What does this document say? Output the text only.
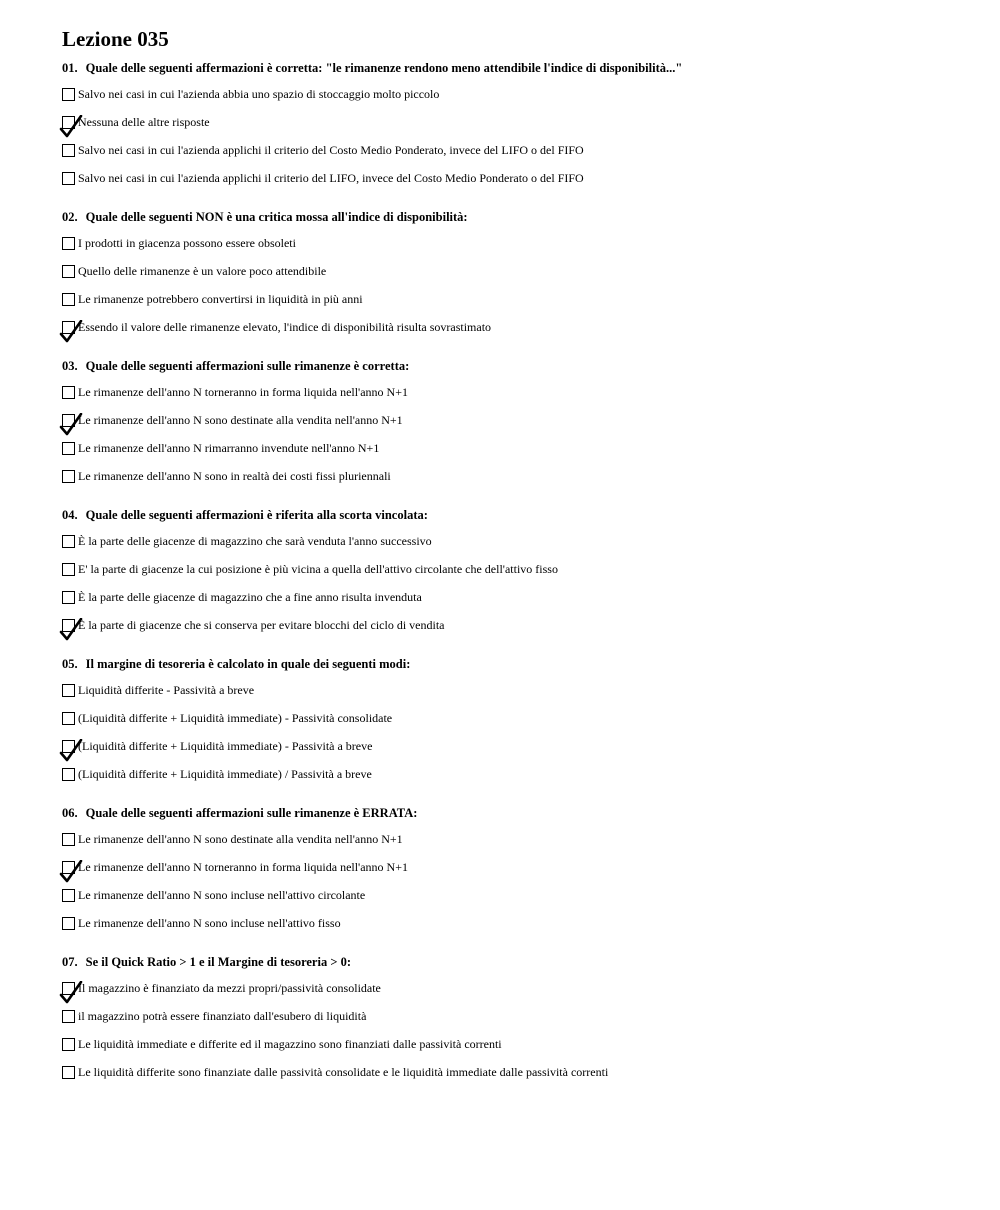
Lezione 035
01. Quale delle seguenti affermazioni è corretta: "le rimanenze rendono meno attendibile l'indice di disponibilità..."
Salvo nei casi in cui l'azienda abbia uno spazio di stoccaggio molto piccolo
Nessuna delle altre risposte
Salvo nei casi in cui l'azienda applichi il criterio del Costo Medio Ponderato, invece del LIFO o del FIFO
Salvo nei casi in cui l'azienda applichi il criterio del LIFO, invece del Costo Medio Ponderato o del FIFO
02. Quale delle seguenti NON è una critica mossa all'indice di disponibilità:
I prodotti in giacenza possono essere obsoleti
Quello delle rimanenze è un valore poco attendibile
Le rimanenze potrebbero convertirsi in liquidità in più anni
Essendo il valore delle rimanenze elevato, l'indice di disponibilità risulta sovrastimato
03. Quale delle seguenti affermazioni sulle rimanenze è corretta:
Le rimanenze dell'anno N torneranno in forma liquida nell'anno N+1
Le rimanenze dell'anno N sono destinate alla vendita nell'anno N+1
Le rimanenze dell'anno N rimarranno invendute nell'anno N+1
Le rimanenze dell'anno N sono in realtà dei costi fissi pluriennali
04. Quale delle seguenti affermazioni è riferita alla scorta vincolata:
È la parte delle giacenze di magazzino che sarà venduta l'anno successivo
E' la parte di giacenze la cui posizione è più vicina a quella dell'attivo circolante che dell'attivo fisso
È la parte delle giacenze di magazzino che a fine anno risulta invenduta
È la parte di giacenze che si conserva per evitare blocchi del ciclo di vendita
05. Il margine di tesoreria è calcolato in quale dei seguenti modi:
Liquidità differite - Passività a breve
(Liquidità differite + Liquidità immediate) - Passività consolidate
(Liquidità differite + Liquidità immediate) - Passività a breve
(Liquidità differite + Liquidità immediate) / Passività a breve
06. Quale delle seguenti affermazioni sulle rimanenze è ERRATA:
Le rimanenze dell'anno N sono destinate alla vendita nell'anno N+1
Le rimanenze dell'anno N torneranno in forma liquida nell'anno N+1
Le rimanenze dell'anno N sono incluse nell'attivo circolante
Le rimanenze dell'anno N sono incluse nell'attivo fisso
07. Se il Quick Ratio > 1 e il Margine di tesoreria > 0:
Il magazzino è finanziato da mezzi propri/passività consolidate
il magazzino potrà essere finanziato dall'esubero di liquidità
Le liquidità immediate e differite ed il magazzino sono finanziati dalle passività correnti
Le liquidità differite sono finanziate dalle passività consolidate e le liquidità immediate dalle passività correnti
